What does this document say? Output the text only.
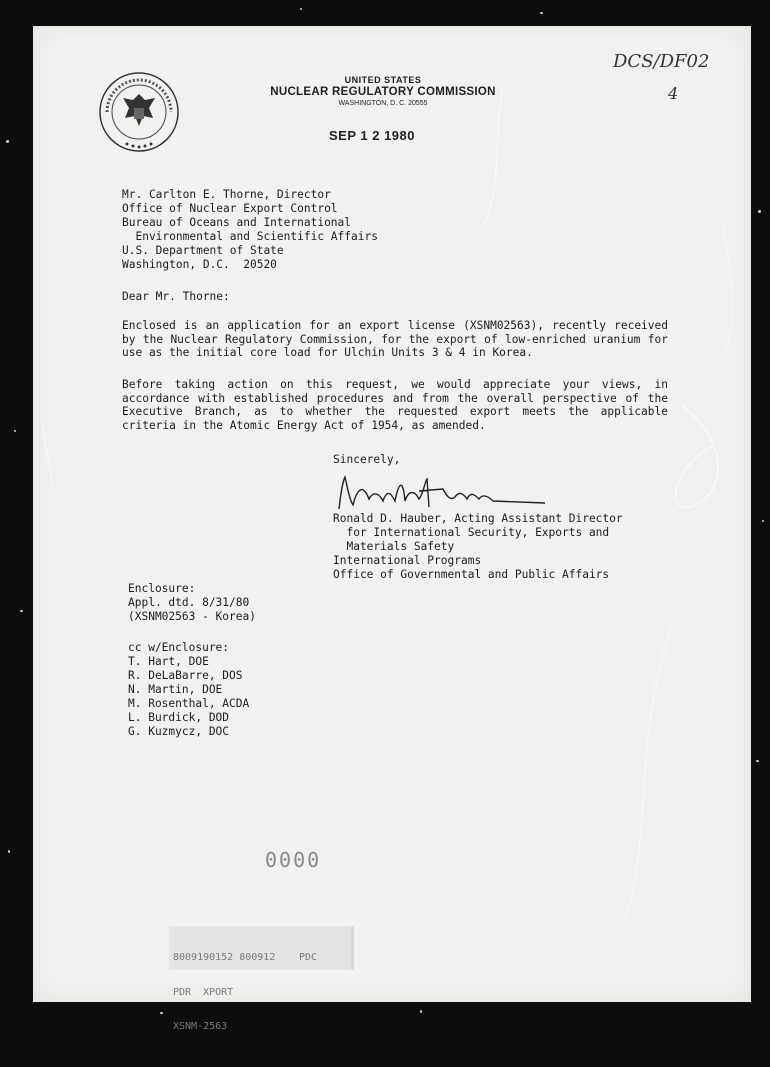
DCS/DF02
4
UNITED STATES
NUCLEAR REGULATORY COMMISSION
WASHINGTON, D. C. 20555
SEP 1 2 1980
Mr. Carlton E. Thorne, Director
Office of Nuclear Export Control
Bureau of Oceans and International
Environmental and Scientific Affairs
U.S. Department of State
Washington, D.C.  20520
Dear Mr. Thorne:
Enclosed is an application for an export license (XSNM02563), recently received by the Nuclear Regulatory Commission, for the export of low-enriched uranium for use as the initial core load for Ulchin Units 3 & 4 in Korea.
Before taking action on this request, we would appreciate your views, in accordance with established procedures and from the overall perspective of the Executive Branch, as to whether the requested export meets the applicable criteria in the Atomic Energy Act of 1954, as amended.
Sincerely,
Ronald D. Hauber, Acting Assistant Director
for International Security, Exports and
Materials Safety
International Programs
Office of Governmental and Public Affairs
Enclosure:
Appl. dtd. 8/31/80
(XSNM02563 - Korea)
cc w/Enclosure:
T. Hart, DOE
R. DeLaBarre, DOS
N. Martin, DOE
M. Rosenthal, ACDA
L. Burdick, DOD
G. Kuzmycz, DOC
0000

8009190152 800912

PDR  XPORT

XSNM-2563

PDC
